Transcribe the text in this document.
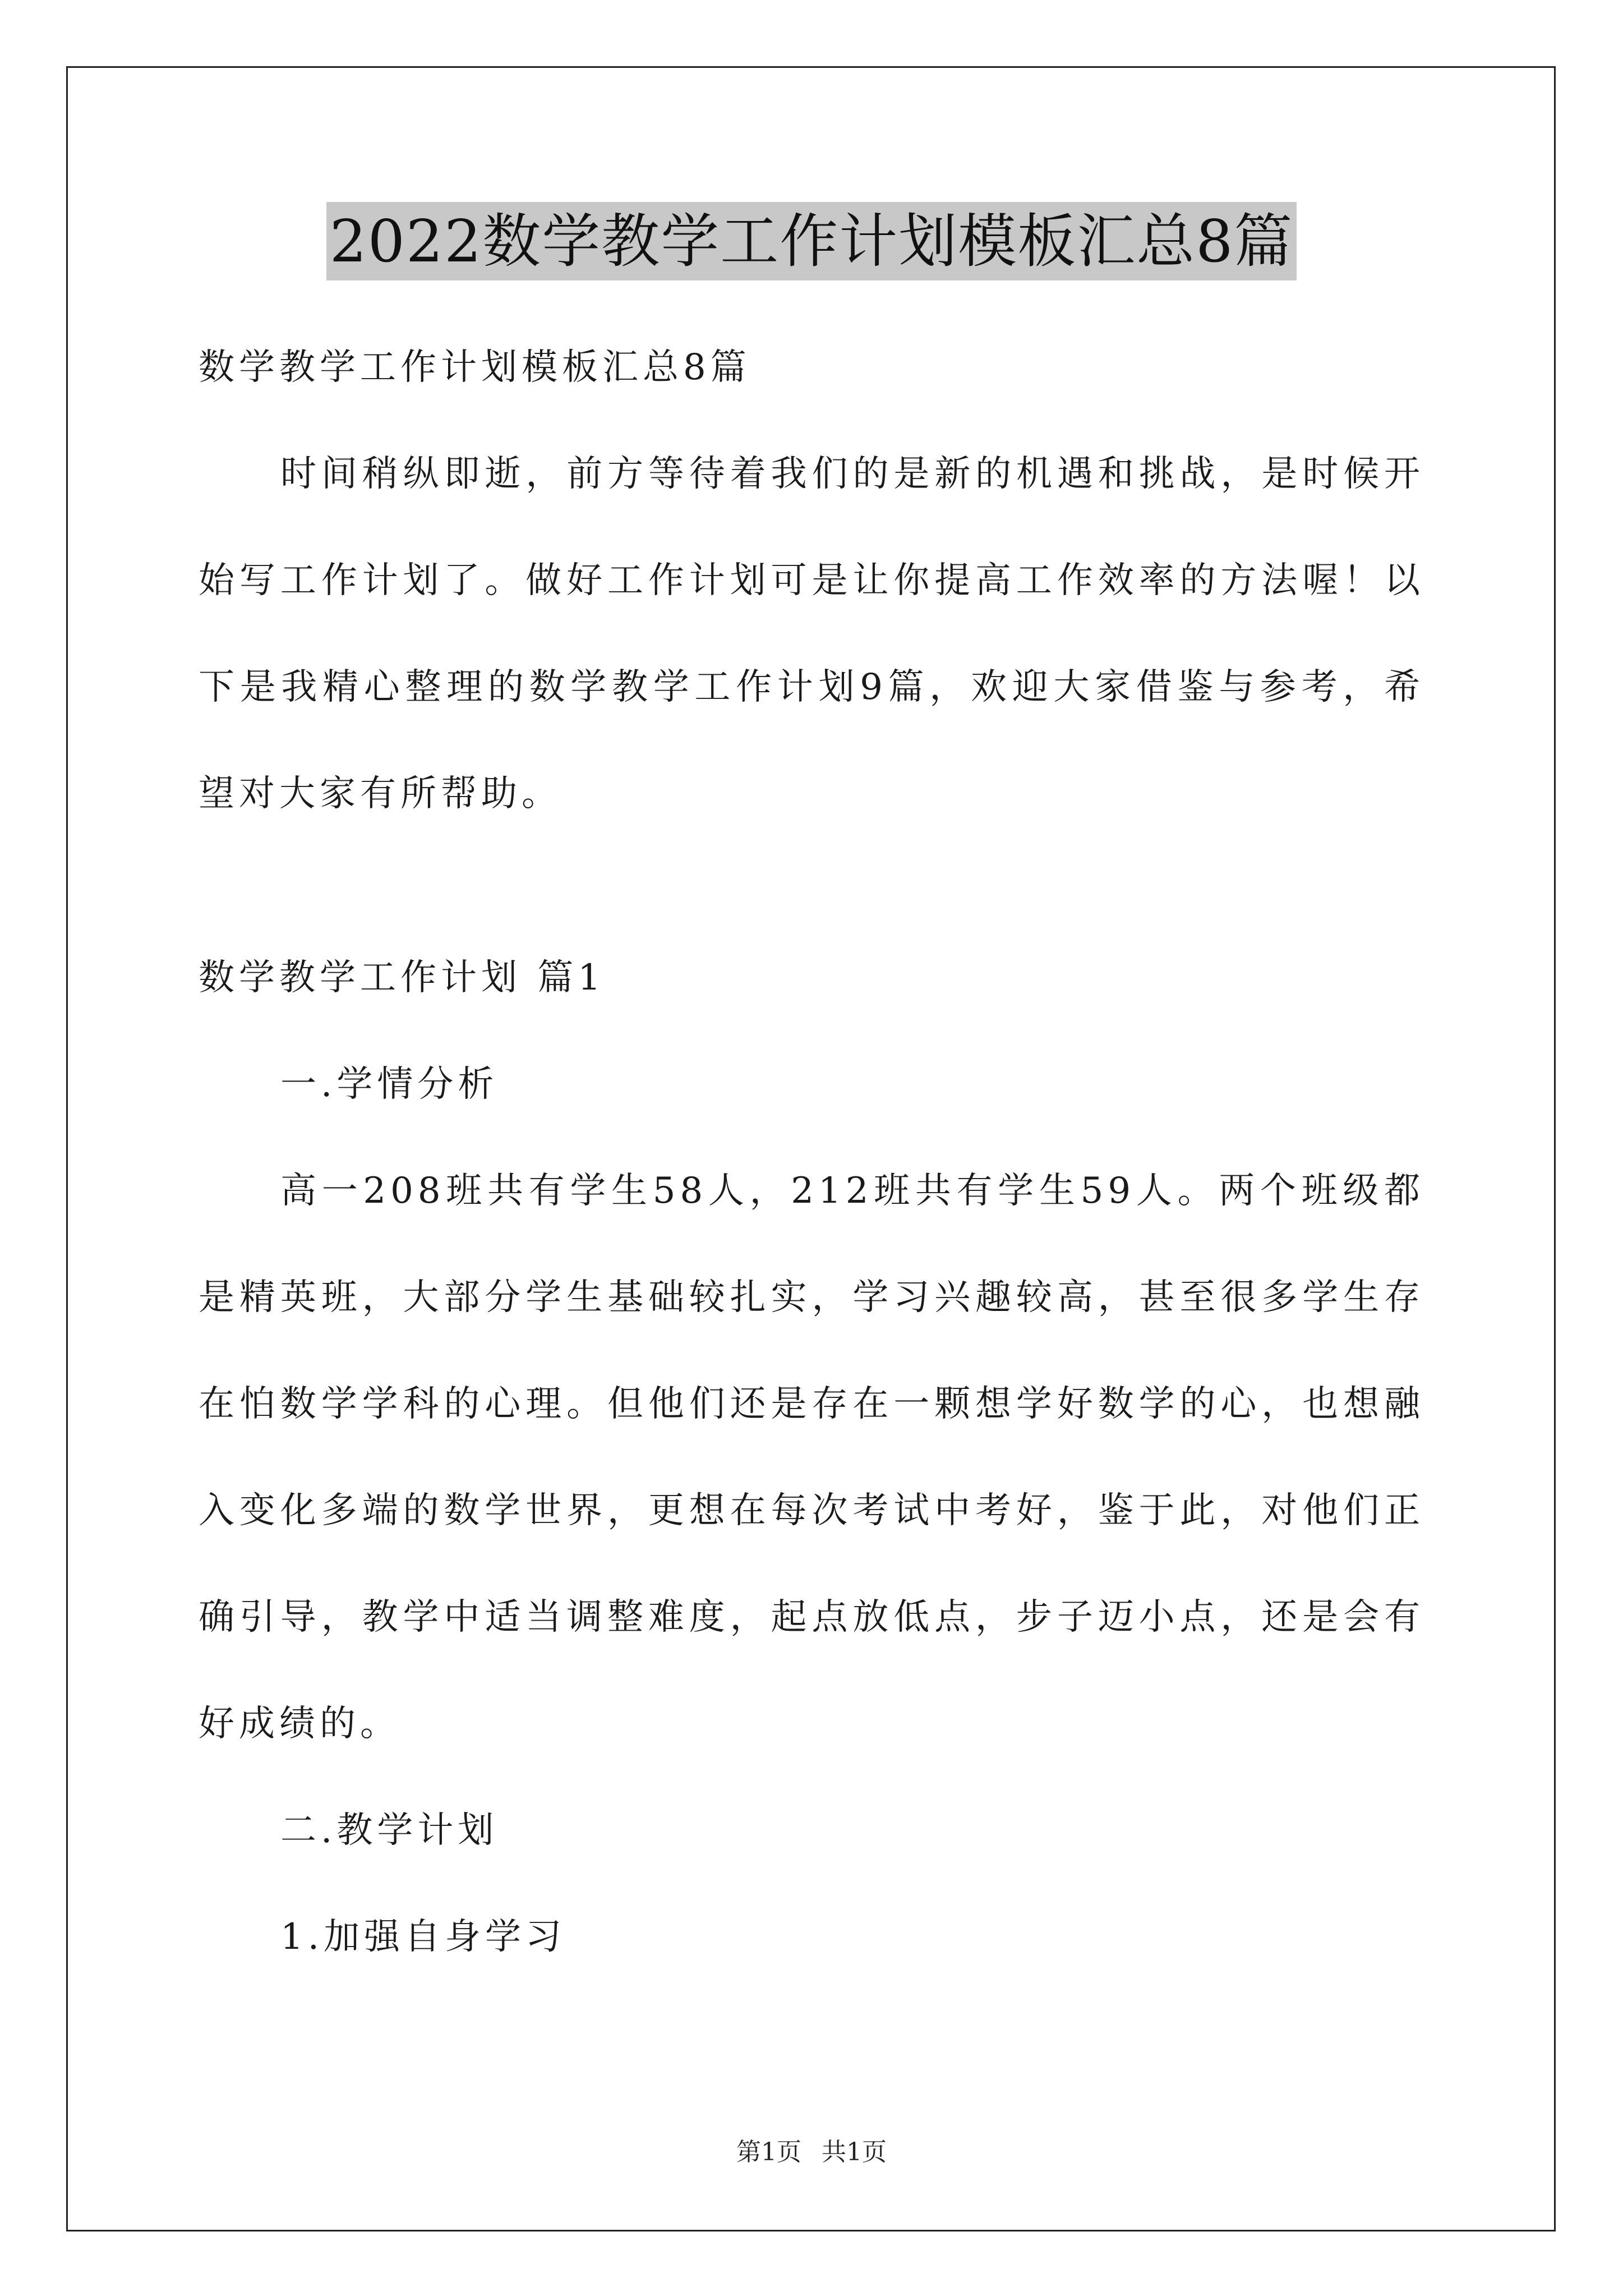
2022数学教学工作计划模板汇总8篇

数学教学工作计划模板汇总8篇

时间稍纵即逝，前方等待着我们的是新的机遇和挑战，是时候开始写工作计划了。做好工作计划可是让你提高工作效率的方法喔！以下是我精心整理的数学教学工作计划9篇，欢迎大家借鉴与参考，希望对大家有所帮助。

数学教学工作计划 篇1

一.学情分析

高一208班共有学生58人，212班共有学生59人。两个班级都是精英班，大部分学生基础较扎实，学习兴趣较高，甚至很多学生存在怕数学学科的心理。但他们还是存在一颗想学好数学的心，也想融入变化多端的数学世界，更想在每次考试中考好，鉴于此，对他们正确引导，教学中适当调整难度，起点放低点，步子迈小点，还是会有好成绩的。

二.教学计划

1.加强自身学习

第1页 共1页
